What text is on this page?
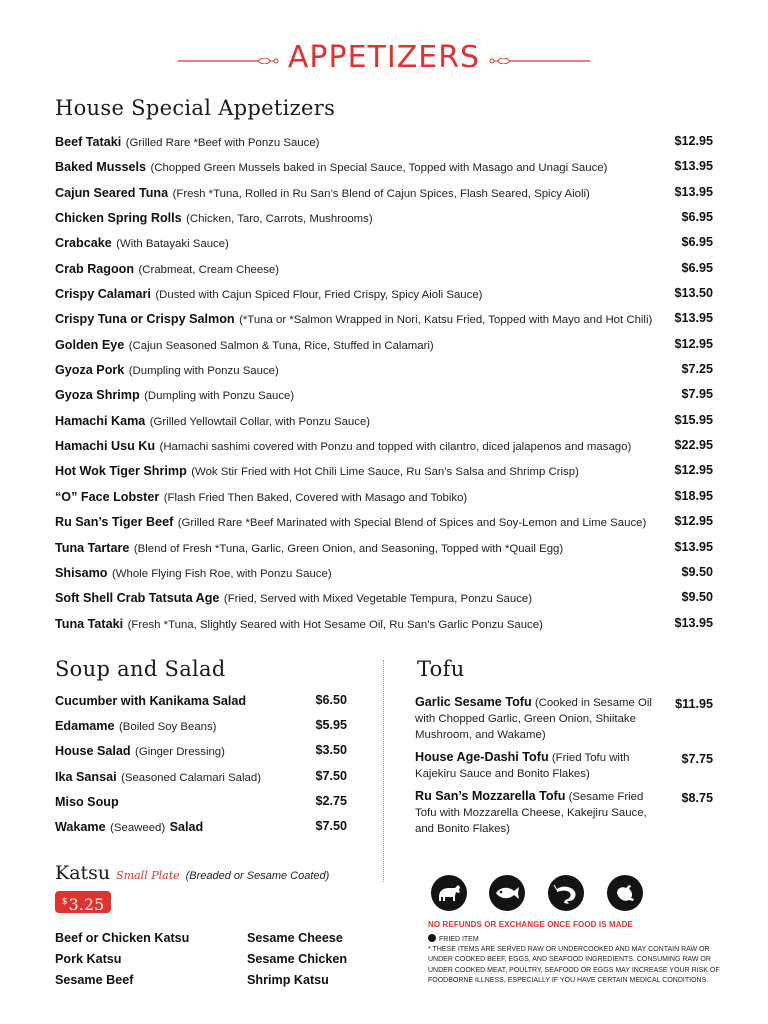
APPETIZERS
House Special Appetizers
Beef Tataki (Grilled Rare *Beef with Ponzu Sauce)	$12.95
Baked Mussels (Chopped Green Mussels baked in Special Sauce, Topped with Masago and Unagi Sauce)	$13.95
Cajun Seared Tuna (Fresh *Tuna, Rolled in Ru San’s Blend of Cajun Spices, Flash Seared, Spicy Aioli)	$13.95
Chicken Spring Rolls (Chicken, Taro, Carrots, Mushrooms)	$6.95
Crabcake (With Batayaki Sauce)	$6.95
Crab Ragoon (Crabmeat, Cream Cheese)	$6.95
Crispy Calamari (Dusted with Cajun Spiced Flour, Fried Crispy, Spicy Aioli Sauce)	$13.50
Crispy Tuna or Crispy Salmon (*Tuna or *Salmon Wrapped in Nori, Katsu Fried, Topped with Mayo and Hot Chili) $13.95
Golden Eye (Cajun Seasoned Salmon & Tuna, Rice, Stuffed in Calamari)	$12.95
Gyoza Pork (Dumpling with Ponzu Sauce)	$7.25
Gyoza Shrimp (Dumpling with Ponzu Sauce)	$7.95
Hamachi Kama (Grilled Yellowtail Collar, with Ponzu Sauce)	$15.95
Hamachi Usu Ku (Hamachi sashimi covered with Ponzu and topped with cilantro, diced jalapenos and masago)	$22.95
Hot Wok Tiger Shrimp (Wok Stir Fried with Hot Chili Lime Sauce, Ru San’s Salsa and Shrimp Crisp)	$12.95
“O” Face Lobster (Flash Fried Then Baked, Covered with Masago and Tobiko)	$18.95
Ru San’s Tiger Beef (Grilled Rare *Beef Marinated with Special Blend of Spices and Soy-Lemon and Lime Sauce) $12.95
Tuna Tartare (Blend of Fresh *Tuna, Garlic, Green Onion, and Seasoning, Topped with *Quail Egg)	$13.95
Shisamo (Whole Flying Fish Roe, with Ponzu Sauce)	$9.50
Soft Shell Crab Tatsuta Age (Fried, Served with Mixed Vegetable Tempura, Ponzu Sauce)	$9.50
Tuna Tataki (Fresh *Tuna, Slightly Seared with Hot Sesame Oil, Ru San’s Garlic Ponzu Sauce)	$13.95
Soup and Salad
Cucumber with Kanikama Salad	$6.50
Edamame (Boiled Soy Beans)	$5.95
House Salad (Ginger Dressing)	$3.50
Ika Sansai (Seasoned Calamari Salad)	$7.50
Miso Soup	$2.75
Wakame (Seaweed) Salad	$7.50
Tofu
Garlic Sesame Tofu (Cooked in Sesame Oil with Chopped Garlic, Green Onion, Shiitake Mushroom, and Wakame)
$11.95
House Age-Dashi Tofu (Fried Tofu with Kajekiru Sauce and Bonito Flakes)
$7.75
Ru San’s Mozzarella Tofu (Sesame Fried Tofu with Mozzarella Cheese, Kakejiru Sauce, and Bonito Flakes)
$8.75
Katsu Small Plate (Breaded or Sesame Coated)
$3.25
Beef or Chicken Katsu
Pork Katsu
Sesame Beef
Sesame Cheese
Sesame Chicken
Shrimp Katsu
NO REFUNDS OR EXCHANGE ONCE FOOD IS MADE
FRIED ITEM
* THESE ITEMS ARE SERVED RAW OR UNDERCOOKED AND MAY CONTAIN RAW OR UNDER COOKED BEEF, EGGS, AND SEAFOOD INGREDIENTS. CONSUMING RAW OR UNDER COOKED MEAT, POULTRY, SEAFOOD OR EGGS MAY INCREASE YOUR RISK OF FOODBORNE ILLNESS, ESPECIALLY IF YOU HAVE CERTAIN MEDICAL CONDITIONS.
